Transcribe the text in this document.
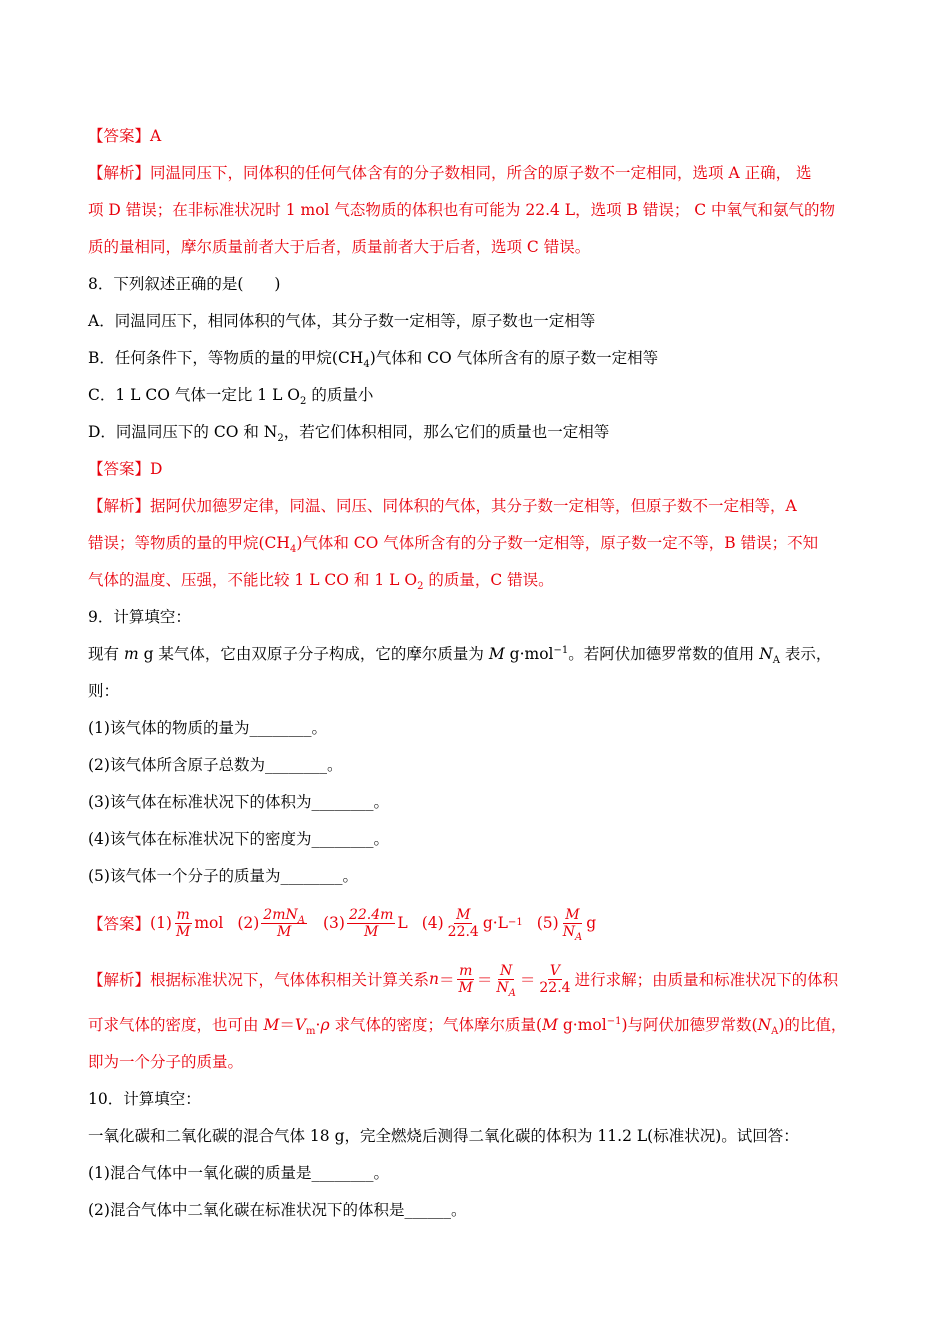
【答案】A
【解析】同温同压下，同体积的任何气体含有的分子数相同，所含的原子数不一定相同，选项 A 正确， 选
项 D 错误；在非标准状况时 1 mol 气态物质的体积也有可能为 22.4 L，选项 B 错误； C 中氧气和氨气的物
质的量相同，摩尔质量前者大于后者，质量前者大于后者，选项 C 错误。
8．下列叙述正确的是(　　)
A．同温同压下，相同体积的气体，其分子数一定相等，原子数也一定相等
B．任何条件下，等物质的量的甲烷$(CH_4)$气体和 CO 气体所含有的原子数一定相等
C．1 L CO 气体一定比 1 L $O_2$ 的质量小
D．同温同压下的 CO 和 $N_2$，若它们体积相同，那么它们的质量也一定相等
【答案】D
【解析】据阿伏加德罗定律，同温、同压、同体积的气体，其分子数一定相等，但原子数不一定相等，A
错误；等物质的量的甲烷$(CH_4)$气体和 CO 气体所含有的分子数一定相等，原子数一定不等，B 错误；不知
气体的温度、压强，不能比较 1 L CO 和 1 L $O_2$ 的质量，C 错误。
9．计算填空：
现有 m g 某气体，它由双原子分子构成，它的摩尔质量为 M g·mol$^{-1}$。若阿伏加德罗常数的值用 $N_A$ 表示，
则：
(1)该气体的物质的量为________。
(2)该气体所含原子总数为________。
(3)该气体在标准状况下的体积为________。
(4)该气体在标准状况下的密度为________。
(5)该气体一个分子的质量为________。
【答案】 $(1) \frac{m}{M}$ mol $(2) \frac{2mN_A}{M} (3) \frac{22.4m}{M}$ L $(4) \frac{M}{22.4} g\cdot L -1$ $(5) \frac{M}{N_A}$ g
【解析】 根据标准状况下，气体体积相关计算关系 $n = \frac{m}{M} = \frac{N}{N_A} = \frac{V}{22.4}$ 进行求解；由质量和标准状况下的体积
可求气体的密度，也可由 $M=V_m\cdot\rho$ 求气体的密度；气体摩尔质量(M g·mol$^{-1}$)与阿伏加德罗常数$(N_A)$的比值，
即为一个分子的质量。
10．计算填空：
一氧化碳和二氧化碳的混合气体 18 g，完全燃烧后测得二氧化碳的体积为 11.2 L(标准状况)。试回答：
(1)混合气体中一氧化碳的质量是________。
(2)混合气体中二氧化碳在标准状况下的体积是______。
